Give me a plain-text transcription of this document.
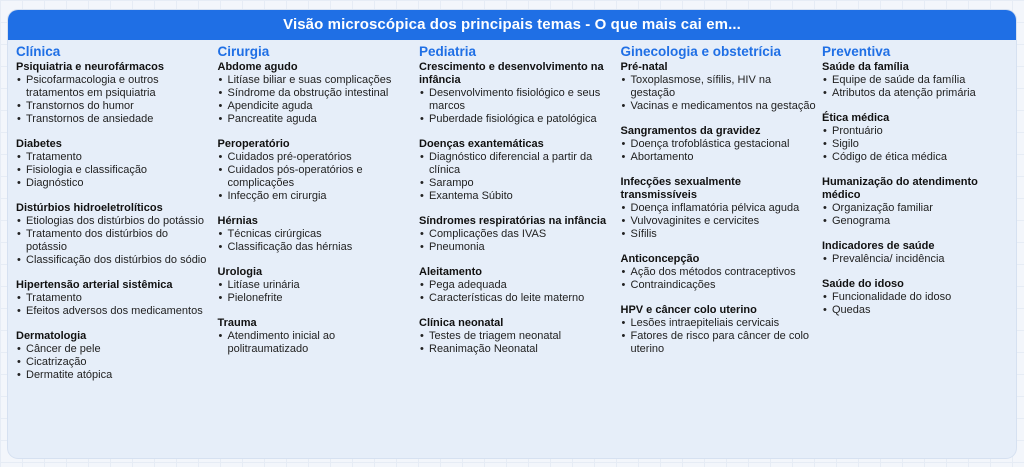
Visão microscópica dos principais temas - O que mais cai em...
Clínica
Psiquiatria e neurofármacos
• Psicofarmacologia e outros tratamentos em psiquiatria
• Transtornos do humor
• Transtornos de ansiedade
Diabetes
• Tratamento
• Fisiologia e classificação
• Diagnóstico
Distúrbios hidroeletrolíticos
• Etiologias dos distúrbios do potássio
• Tratamento dos distúrbios do potássio
• Classificação dos distúrbios do sódio
Hipertensão arterial sistêmica
• Tratamento
• Efeitos adversos dos medicamentos
Dermatologia
• Câncer de pele
• Cicatrização
• Dermatite atópica
Cirurgia
Abdome agudo
• Litíase biliar e suas complicações
• Síndrome da obstrução intestinal
• Apendicite aguda
• Pancreatite aguda
Peroperatório
• Cuidados pré-operatórios
• Cuidados pós-operatórios e complicações
• Infecção em cirurgia
Hérnias
• Técnicas cirúrgicas
• Classificação das hérnias
Urologia
• Litíase urinária
• Pielonefrite
Trauma
• Atendimento inicial ao politraumatizado
Pediatria
Crescimento e desenvolvimento na infância
• Desenvolvimento fisiológico e seus marcos
• Puberdade fisiológica e patológica
Doenças exantemáticas
• Diagnóstico diferencial a partir da clínica
• Sarampo
• Exantema Súbito
Síndromes respiratórias na infância
• Complicações das IVAS
• Pneumonia
Aleitamento
• Pega adequada
• Características do leite materno
Clínica neonatal
• Testes de triagem neonatal
• Reanimação Neonatal
Ginecologia e obstetrícia
Pré-natal
• Toxoplasmose, sífilis, HIV na gestação
• Vacinas e medicamentos na gestação
Sangramentos da gravidez
• Doença trofoblástica gestacional
• Abortamento
Infecções sexualmente transmissíveis
• Doença inflamatória pélvica aguda
• Vulvovaginites e cervicites
• Sífilis
Anticoncepção
• Ação dos métodos contraceptivos
• Contraindicações
HPV e câncer colo uterino
• Lesões intraepiteliais cervicais
• Fatores de risco para câncer de colo uterino
Preventiva
Saúde da família
• Equipe de saúde da família
• Atributos da atenção primária
Ética médica
• Prontuário
• Sigilo
• Código de ética médica
Humanização do atendimento médico
• Organização familiar
• Genograma
Indicadores de saúde
• Prevalência/ incidência
Saúde do idoso
• Funcionalidade do idoso
• Quedas
